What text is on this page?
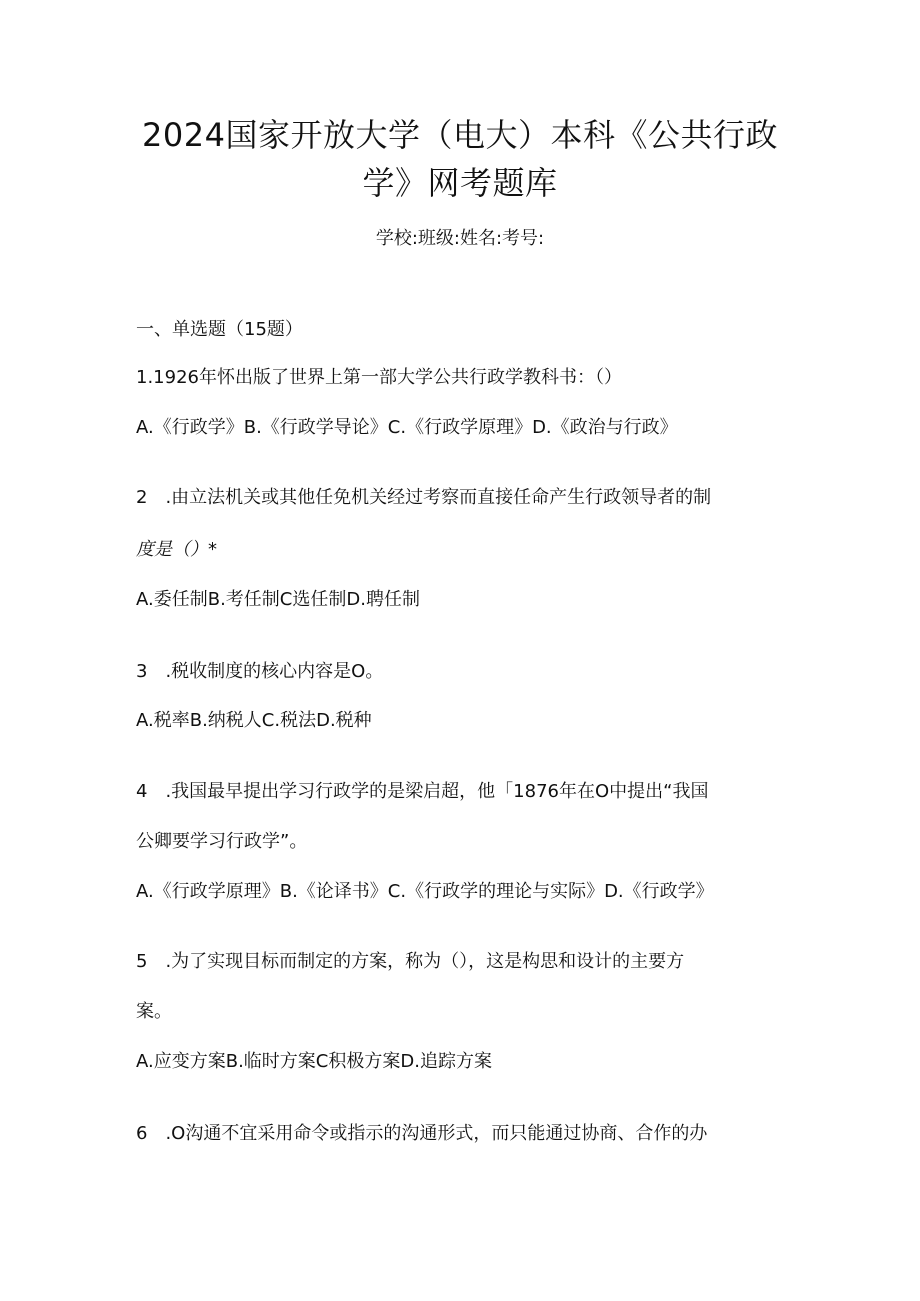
2024国家开放大学（电大）本科《公共行政
学》网考题库
学校:班级:姓名:考号:
一、单选题（15题）
1.1926年怀出版了世界上第一部大学公共行政学教科书：（）
A.《行政学》B.《行政学导论》C.《行政学原理》D.《政治与行政》
2　.由立法机关或其他任免机关经过考察而直接任命产生行政领导者的制
度是（）*
A.委任制B.考任制C选任制D.聘任制
3　.税收制度的核心内容是O。
A.税率B.纳税人C.税法D.税种
4　.我国最早提出学习行政学的是梁启超，他「1876年在O中提出“我国
公卿要学习行政学”。
A.《行政学原理》B.《论译书》C.《行政学的理论与实际》D.《行政学》
5　.为了实现目标而制定的方案，称为（），这是构思和设计的主要方
案。
A.应变方案B.临时方案C积极方案D.追踪方案
6　.O沟通不宜采用命令或指示的沟通形式，而只能通过协商、合作的办
